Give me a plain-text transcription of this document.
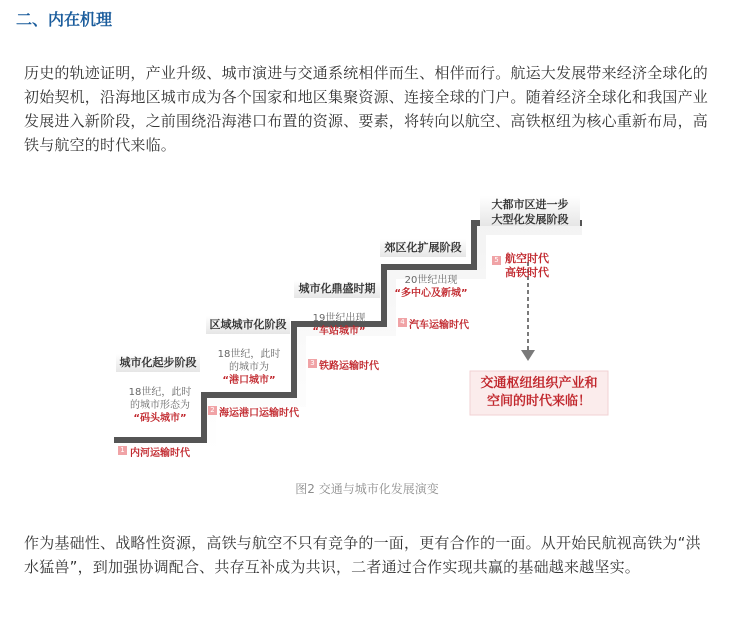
二、内在机理

历史的轨迹证明，产业升级、城市演进与交通系统相伴而生、相伴而行。航运大发展带来经济全球化的初始契机，沿海地区城市成为各个国家和地区集聚资源、连接全球的门户。随着经济全球化和我国产业发展进入新阶段，之前围绕沿海港口布置的资源、要素，将转向以航空、高铁枢纽为核心重新布局，高铁与航空的时代来临。

城市化起步阶段
18世纪，此时
的城市形态为
“码头城市”
1 内河运输时代
区域城市化阶段
18世纪，此时
的城市为
“港口城市”
2 海运港口运输时代
城市化鼎盛时期
19世纪出现
“车站城市”
3 铁路运输时代
郊区化扩展阶段
20世纪出现
“多中心及新城”
4 汽车运输时代
大都市区进一步
大型化发展阶段
5 航空时代
高铁时代
交通枢纽组织产业和
空间的时代来临！
图2 交通与城市化发展演变

作为基础性、战略性资源，高铁与航空不只有竞争的一面，更有合作的一面。从开始民航视高铁为“洪水猛兽”，到加强协调配合、共存互补成为共识，二者通过合作实现共赢的基础越来越坚实。
